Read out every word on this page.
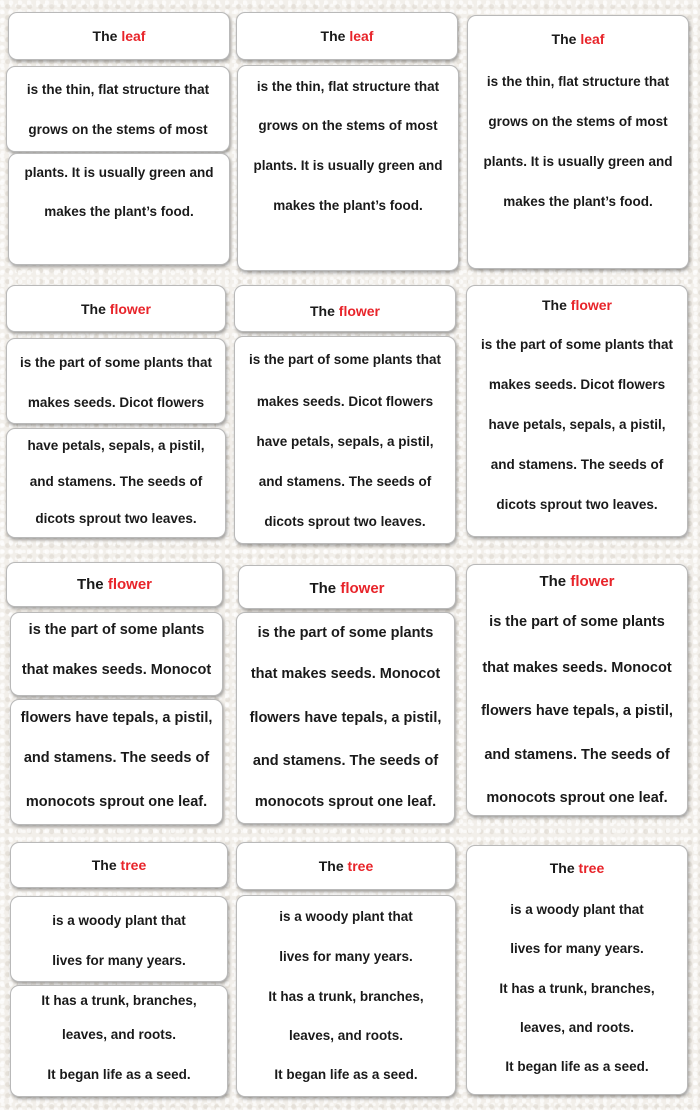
The leaf
is the thin, flat structure that
grows on the stems of most
plants. It is usually green and
makes the plant’s food.
The leaf
is the thin, flat structure that
grows on the stems of most
plants. It is usually green and
makes the plant’s food.
The leaf
is the thin, flat structure that
grows on the stems of most
plants. It is usually green and
makes the plant’s food.
The flower
is the part of some plants that
makes seeds. Dicot flowers
have petals, sepals, a pistil,
and stamens. The seeds of
dicots sprout two leaves.
The flower
is the part of some plants that
makes seeds. Dicot flowers
have petals, sepals, a pistil,
and stamens. The seeds of
dicots sprout two leaves.
The flower
is the part of some plants that
makes seeds. Dicot flowers
have petals, sepals, a pistil,
and stamens. The seeds of
dicots sprout two leaves.
The flower
is the part of some plants
that makes seeds. Monocot
flowers have tepals, a pistil,
and stamens. The seeds of
monocots sprout one leaf.
The flower
is the part of some plants
that makes seeds. Monocot
flowers have tepals, a pistil,
and stamens. The seeds of
monocots sprout one leaf.
The flower
is the part of some plants
that makes seeds. Monocot
flowers have tepals, a pistil,
and stamens. The seeds of
monocots sprout one leaf.
The tree
is a woody plant that
lives for many years.
It has a trunk, branches,
leaves, and roots.
It began life as a seed.
The tree
is a woody plant that
lives for many years.
It has a trunk, branches,
leaves, and roots.
It began life as a seed.
The tree
is a woody plant that
lives for many years.
It has a trunk, branches,
leaves, and roots.
It began life as a seed.
